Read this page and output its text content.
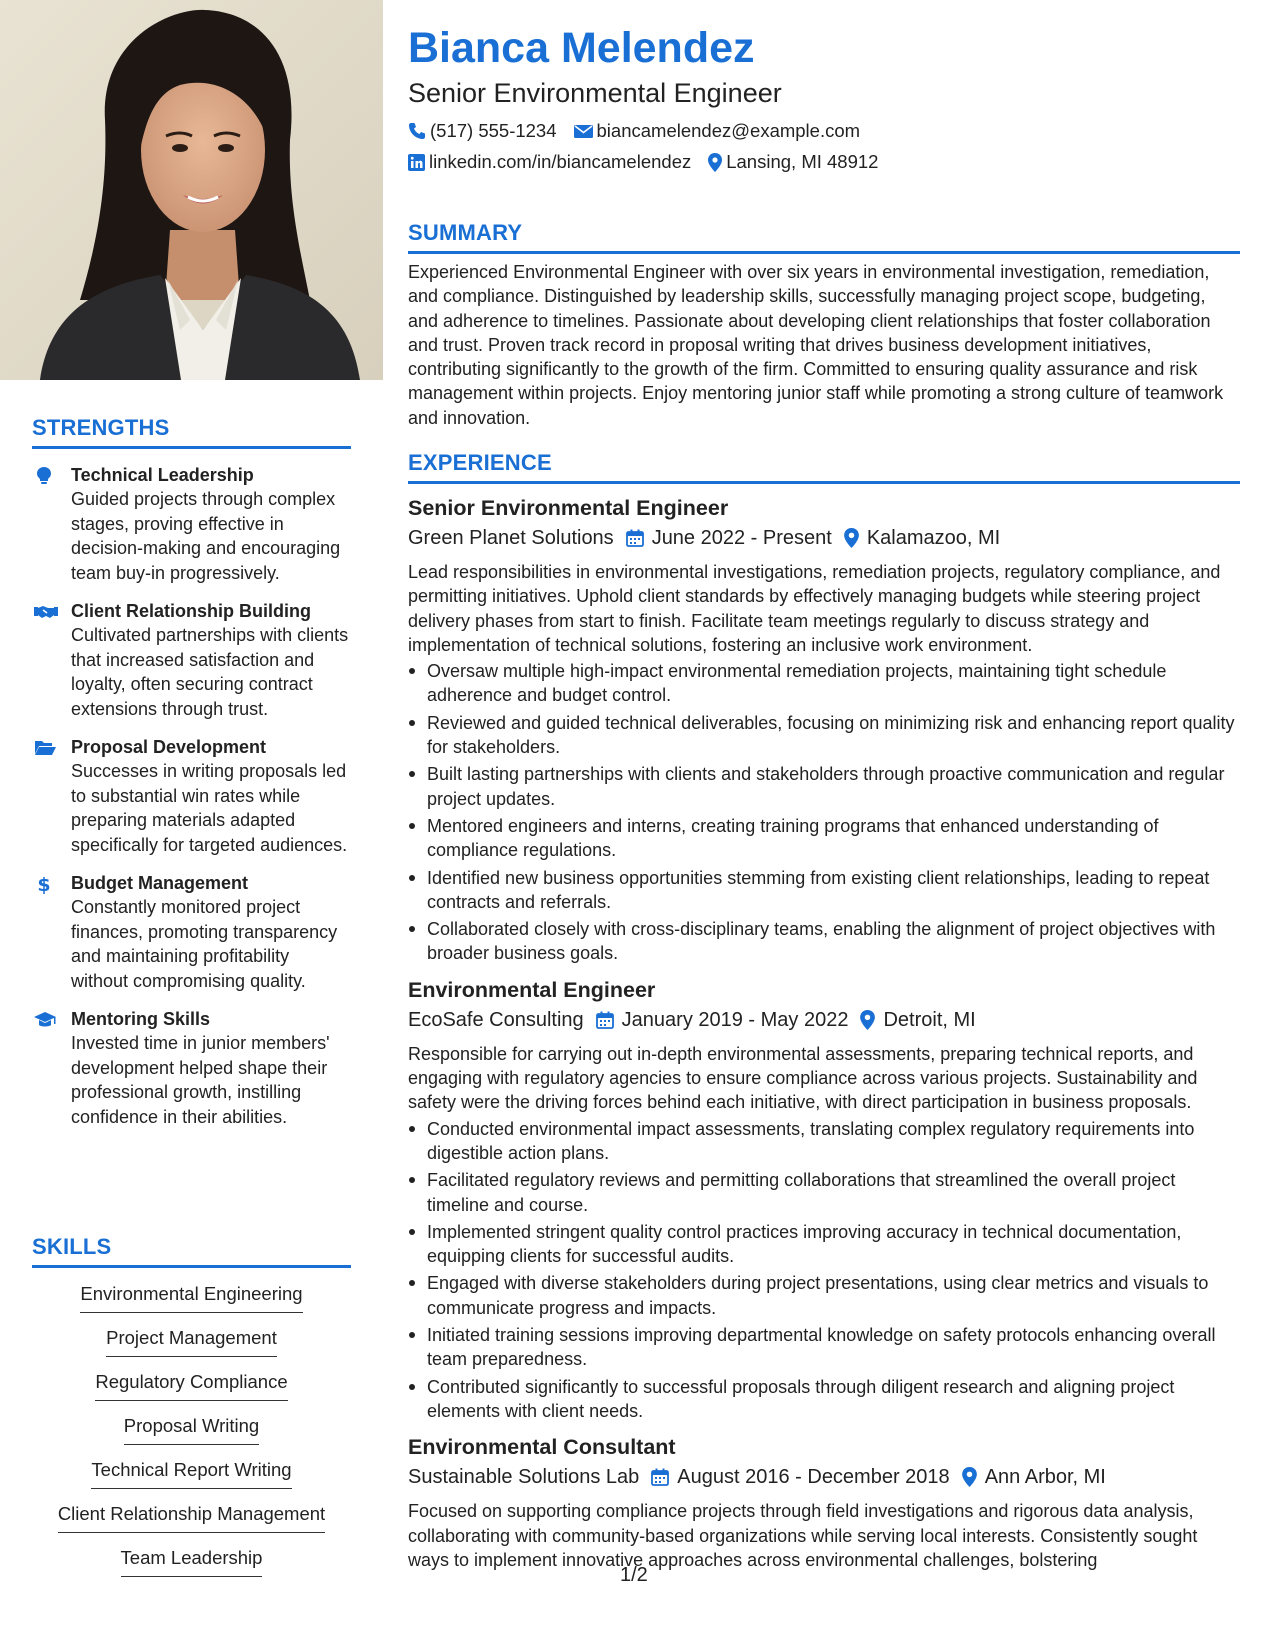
STRENGTHS
Technical Leadership
Guided projects through complex stages, proving effective in decision-making and encouraging team buy-in progressively.
Client Relationship Building
Cultivated partnerships with clients that increased satisfaction and loyalty, often securing contract extensions through trust.
Proposal Development
Successes in writing proposals led to substantial win rates while preparing materials adapted specifically for targeted audiences.
$ Budget Management
Constantly monitored project finances, promoting transparency and maintaining profitability without compromising quality.
Mentoring Skills
Invested time in junior members' development helped shape their professional growth, instilling confidence in their abilities.
SKILLS
Environmental Engineering
Project Management
Regulatory Compliance
Proposal Writing
Technical Report Writing
Client Relationship Management
Team Leadership
Bianca Melendez
Senior Environmental Engineer
(517) 555-1234 biancamelendez@example.com
linkedin.com/in/biancamelendez Lansing, MI 48912
SUMMARY
Experienced Environmental Engineer with over six years in environmental investigation, remediation, and compliance. Distinguished by leadership skills, successfully managing project scope, budgeting, and adherence to timelines. Passionate about developing client relationships that foster collaboration and trust. Proven track record in proposal writing that drives business development initiatives, contributing significantly to the growth of the firm. Committed to ensuring quality assurance and risk management within projects. Enjoy mentoring junior staff while promoting a strong culture of teamwork and innovation.
EXPERIENCE
Senior Environmental Engineer
Green Planet Solutions June 2022 - Present Kalamazoo, MI
Lead responsibilities in environmental investigations, remediation projects, regulatory compliance, and permitting initiatives. Uphold client standards by effectively managing budgets while steering project delivery phases from start to finish. Facilitate team meetings regularly to discuss strategy and implementation of technical solutions, fostering an inclusive work environment.
Oversaw multiple high-impact environmental remediation projects, maintaining tight schedule adherence and budget control.
Reviewed and guided technical deliverables, focusing on minimizing risk and enhancing report quality for stakeholders.
Built lasting partnerships with clients and stakeholders through proactive communication and regular project updates.
Mentored engineers and interns, creating training programs that enhanced understanding of compliance regulations.
Identified new business opportunities stemming from existing client relationships, leading to repeat contracts and referrals.
Collaborated closely with cross-disciplinary teams, enabling the alignment of project objectives with broader business goals.
Environmental Engineer
EcoSafe Consulting January 2019 - May 2022 Detroit, MI
Responsible for carrying out in-depth environmental assessments, preparing technical reports, and engaging with regulatory agencies to ensure compliance across various projects. Sustainability and safety were the driving forces behind each initiative, with direct participation in business proposals.
Conducted environmental impact assessments, translating complex regulatory requirements into digestible action plans.
Facilitated regulatory reviews and permitting collaborations that streamlined the overall project timeline and course.
Implemented stringent quality control practices improving accuracy in technical documentation, equipping clients for successful audits.
Engaged with diverse stakeholders during project presentations, using clear metrics and visuals to communicate progress and impacts.
Initiated training sessions improving departmental knowledge on safety protocols enhancing overall team preparedness.
Contributed significantly to successful proposals through diligent research and aligning project elements with client needs.
Environmental Consultant
Sustainable Solutions Lab August 2016 - December 2018 Ann Arbor, MI
Focused on supporting compliance projects through field investigations and rigorous data analysis, collaborating with community-based organizations while serving local interests. Consistently sought ways to implement innovative approaches across environmental challenges, bolstering
1/2
